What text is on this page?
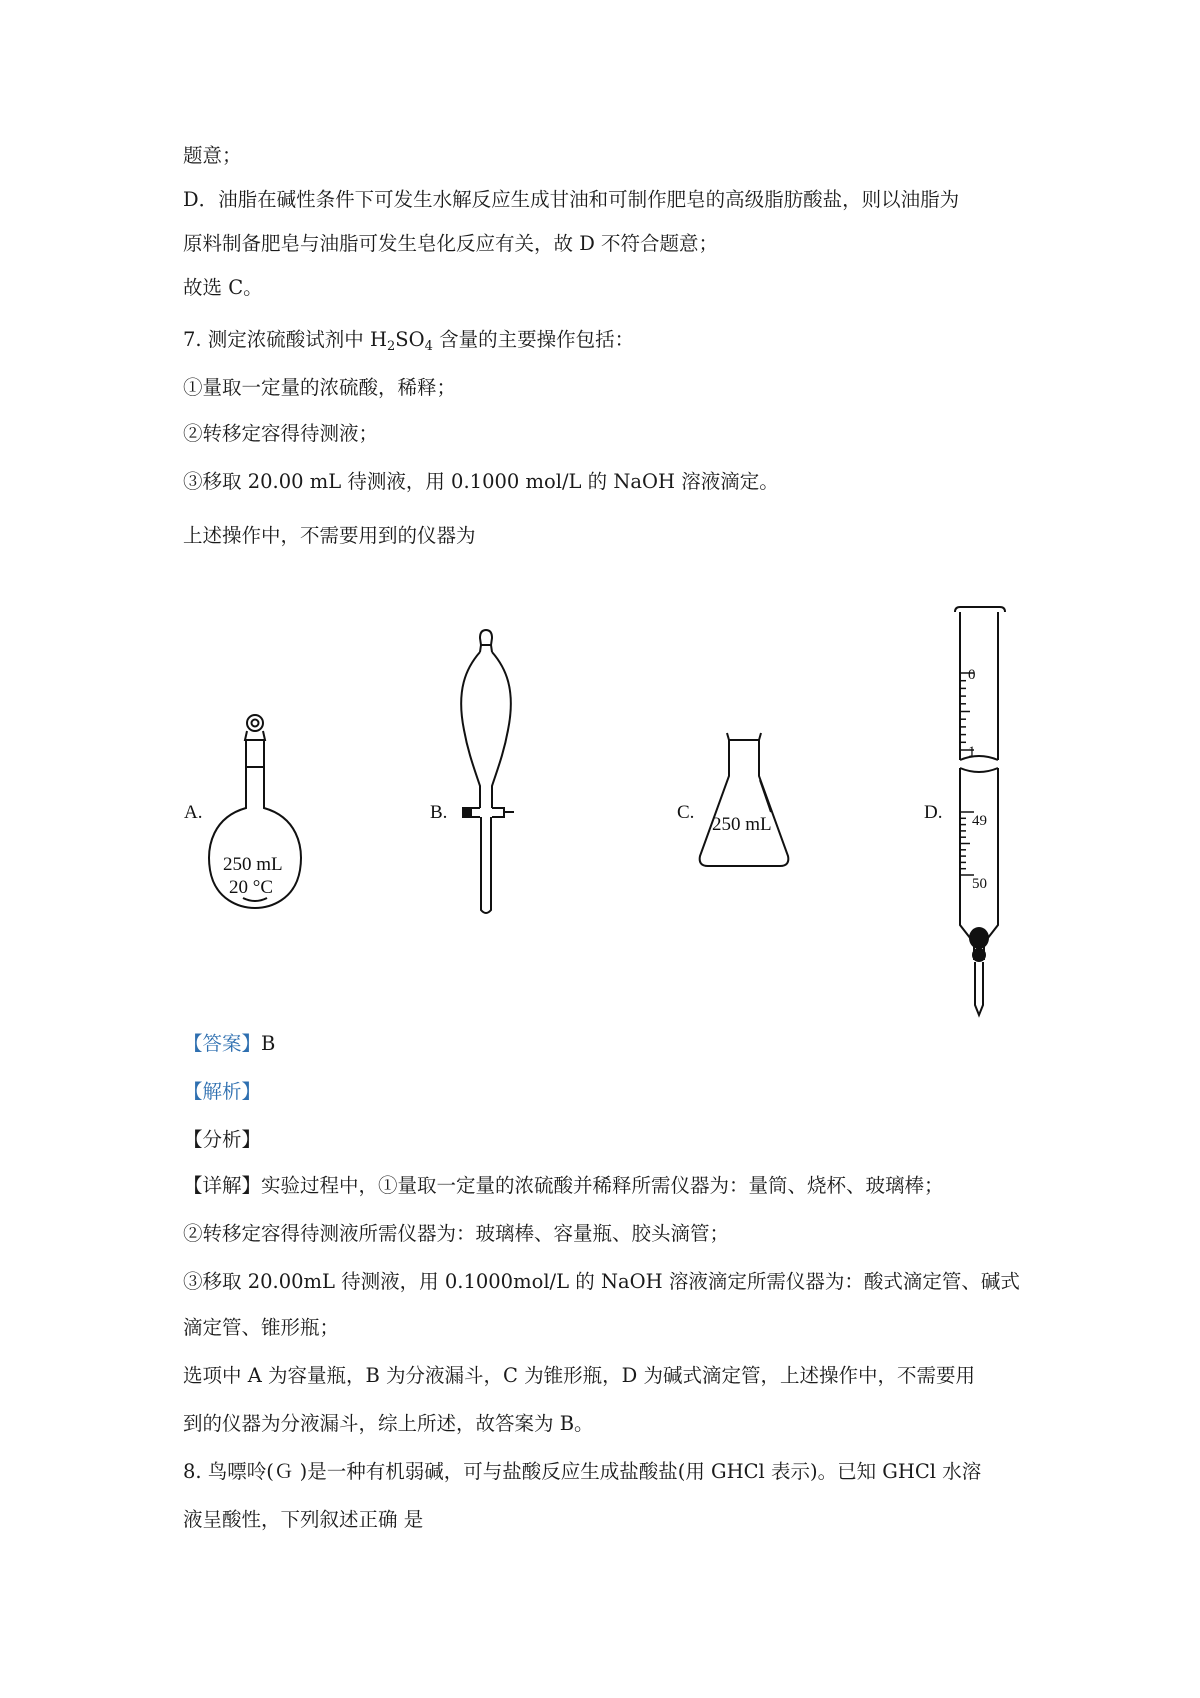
题意；
D．油脂在碱性条件下可发生水解反应生成甘油和可制作肥皂的高级脂肪酸盐，则以油脂为
原料制备肥皂与油脂可发生皂化反应有关，故 D 不符合题意；
故选 C。
7. 测定浓硫酸试剂中 $H_2SO_4$ 含量的主要操作包括：
①量取一定量的浓硫酸，稀释；
②转移定容得待测液；
③移取 20.00 mL 待测液，用 0.1000 mol/L 的 NaOH 溶液滴定。
上述操作中，不需要用到的仪器为
A.
250 mL
20 °C
B.	C.
250 mL
D.
0
1
49
50
【答案】B
【解析】
【分析】
【详解】实验过程中，①量取一定量的浓硫酸并稀释所需仪器为：量筒、烧杯、玻璃棒；
②转移定容得待测液所需仪器为：玻璃棒、容量瓶、胶头滴管；
③移取 20.00mL 待测液，用 0.1000mol/L 的 NaOH 溶液滴定所需仪器为：酸式滴定管、碱式
滴定管、锥形瓶；
选项中 A 为容量瓶，B 为分液漏斗，C 为锥形瓶，D 为碱式滴定管，上述操作中，不需要用
到的仪器为分液漏斗，综上所述，故答案为 B。
8. 鸟嘌呤(Ｇ )是一种有机弱碱，可与盐酸反应生成盐酸盐(用 GHCl 表示)。已知 GHCl 水溶
液呈酸性，下列叙述正确 是
